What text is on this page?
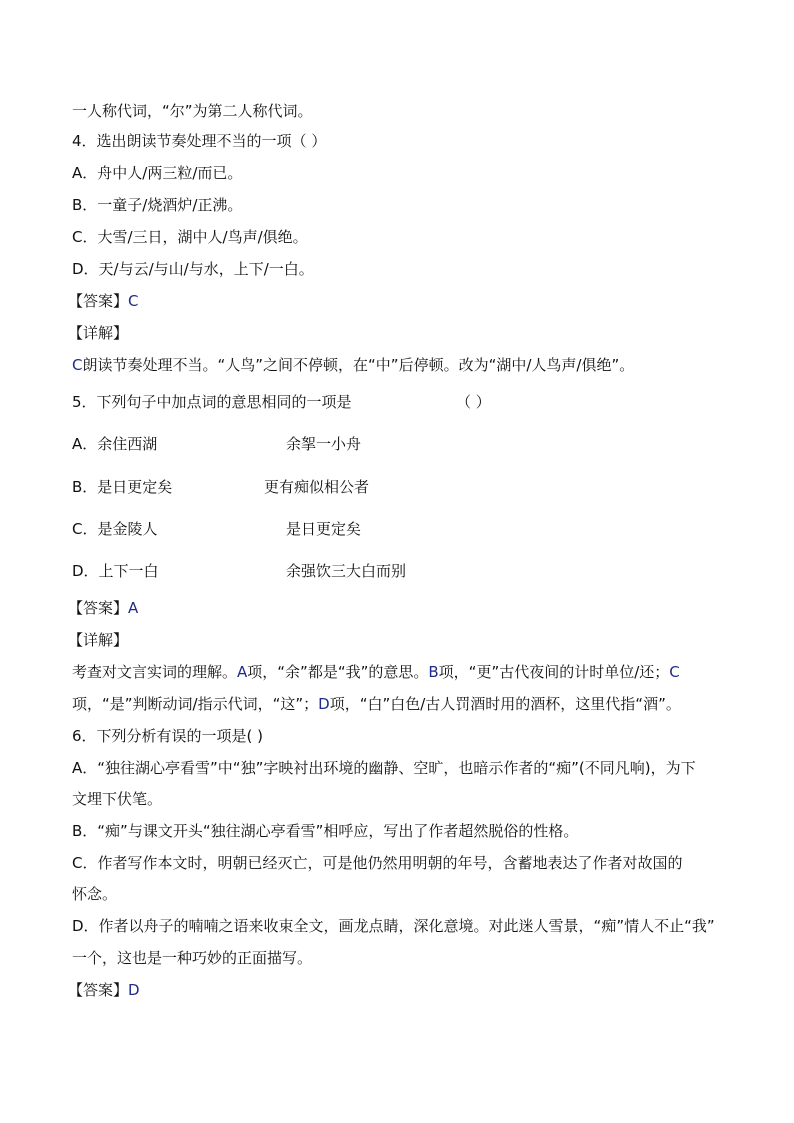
一人称代词，“尔”为第二人称代词。
4．选出朗读节奏处理不当的一项（ ）
A．舟中人/两三粒/而已。
B．一童子/烧酒炉/正沸。
C．大雪/三日，湖中人/鸟声/俱绝。
D．天/与云/与山/与水，上下/一白。
【答案】C
【详解】
C朗读节奏处理不当。“人鸟”之间不停顿，在“中”后停顿。改为“湖中/人鸟声/俱绝”。
5．下列句子中加点词的意思相同的一项是	（ ）
A．余住西湖	余挐一小舟
B．是日更定矣	更有痴似相公者
C．是金陵人	是日更定矣
D．上下一白	余强饮三大白而别
【答案】A
【详解】
考查对文言实词的理解。A项，“余”都是“我”的意思。B项，“更”古代夜间的计时单位/还；C
项，“是”判断动词/指示代词，“这”；D项，“白”白色/古人罚酒时用的酒杯，这里代指“酒”。
6．下列分析有误的一项是( )
A．“独往湖心亭看雪”中“独”字映衬出环境的幽静、空旷，也暗示作者的“痴”(不同凡响)，为下
文埋下伏笔。
B．“痴”与课文开头“独往湖心亭看雪”相呼应，写出了作者超然脱俗的性格。
C．作者写作本文时，明朝已经灭亡，可是他仍然用明朝的年号，含蓄地表达了作者对故国的
怀念。
D．作者以舟子的喃喃之语来收束全文，画龙点睛，深化意境。对此迷人雪景，“痴”情人不止“我”
一个，这也是一种巧妙的正面描写。
【答案】D
